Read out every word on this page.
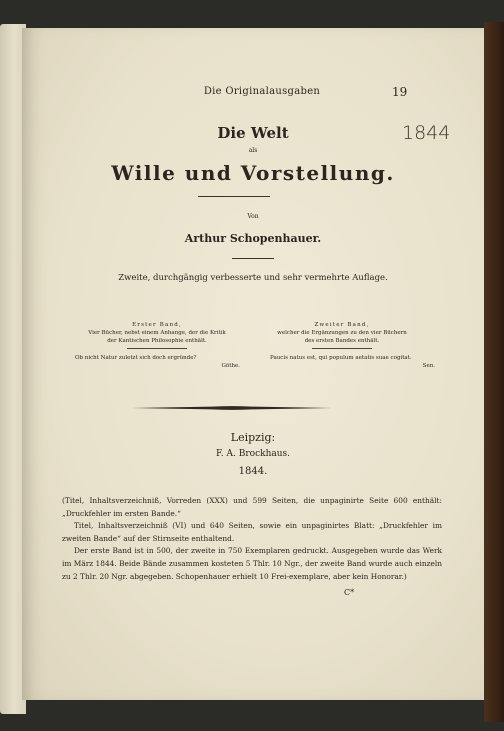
Die Originalausgaben	19
1844
Die Welt
als
Wille und Vorstellung.
Von
Arthur Schopenhauer.
Zweite, durchgängig verbesserte und sehr vermehrte Auflage.
Erster Band,
Vier Bücher, nebst einem Anhange, der die Kritik
der Kantischen Philosophie enthält.
Zweiter Band,
welcher die Ergänzungen zu den vier Büchern
des ersten Bandes enthält.
Ob nicht Natur zuletzt sich doch ergründe?
Göthe.
Paucis natus est, qui populum aetatis suae cogitat.
Sen.
Leipzig:
F. A. Brockhaus.
1844.

(Titel, Inhaltsverzeichniß, Vorreden (XXX) und 599 Seiten, die unpaginirte Seite 600 enthält: „Druckfehler im ersten Bande.“

Titel, Inhaltsverzeichniß (VI) und 640 Seiten, sowie ein unpaginirtes Blatt: „Druckfehler im zweiten Bande“ auf der Stirnseite enthaltend.

Der erste Band ist in 500, der zweite in 750 Exemplaren gedruckt. Ausgegeben wurde das Werk im März 1844. Beide Bände zusammen kosteten 5 Thlr. 10 Ngr., der zweite Band wurde auch einzeln zu 2 Thlr. 20 Ngr. abgegeben. Schopenhauer erhielt 10 Frei-exemplare, aber kein Honorar.)

C*
